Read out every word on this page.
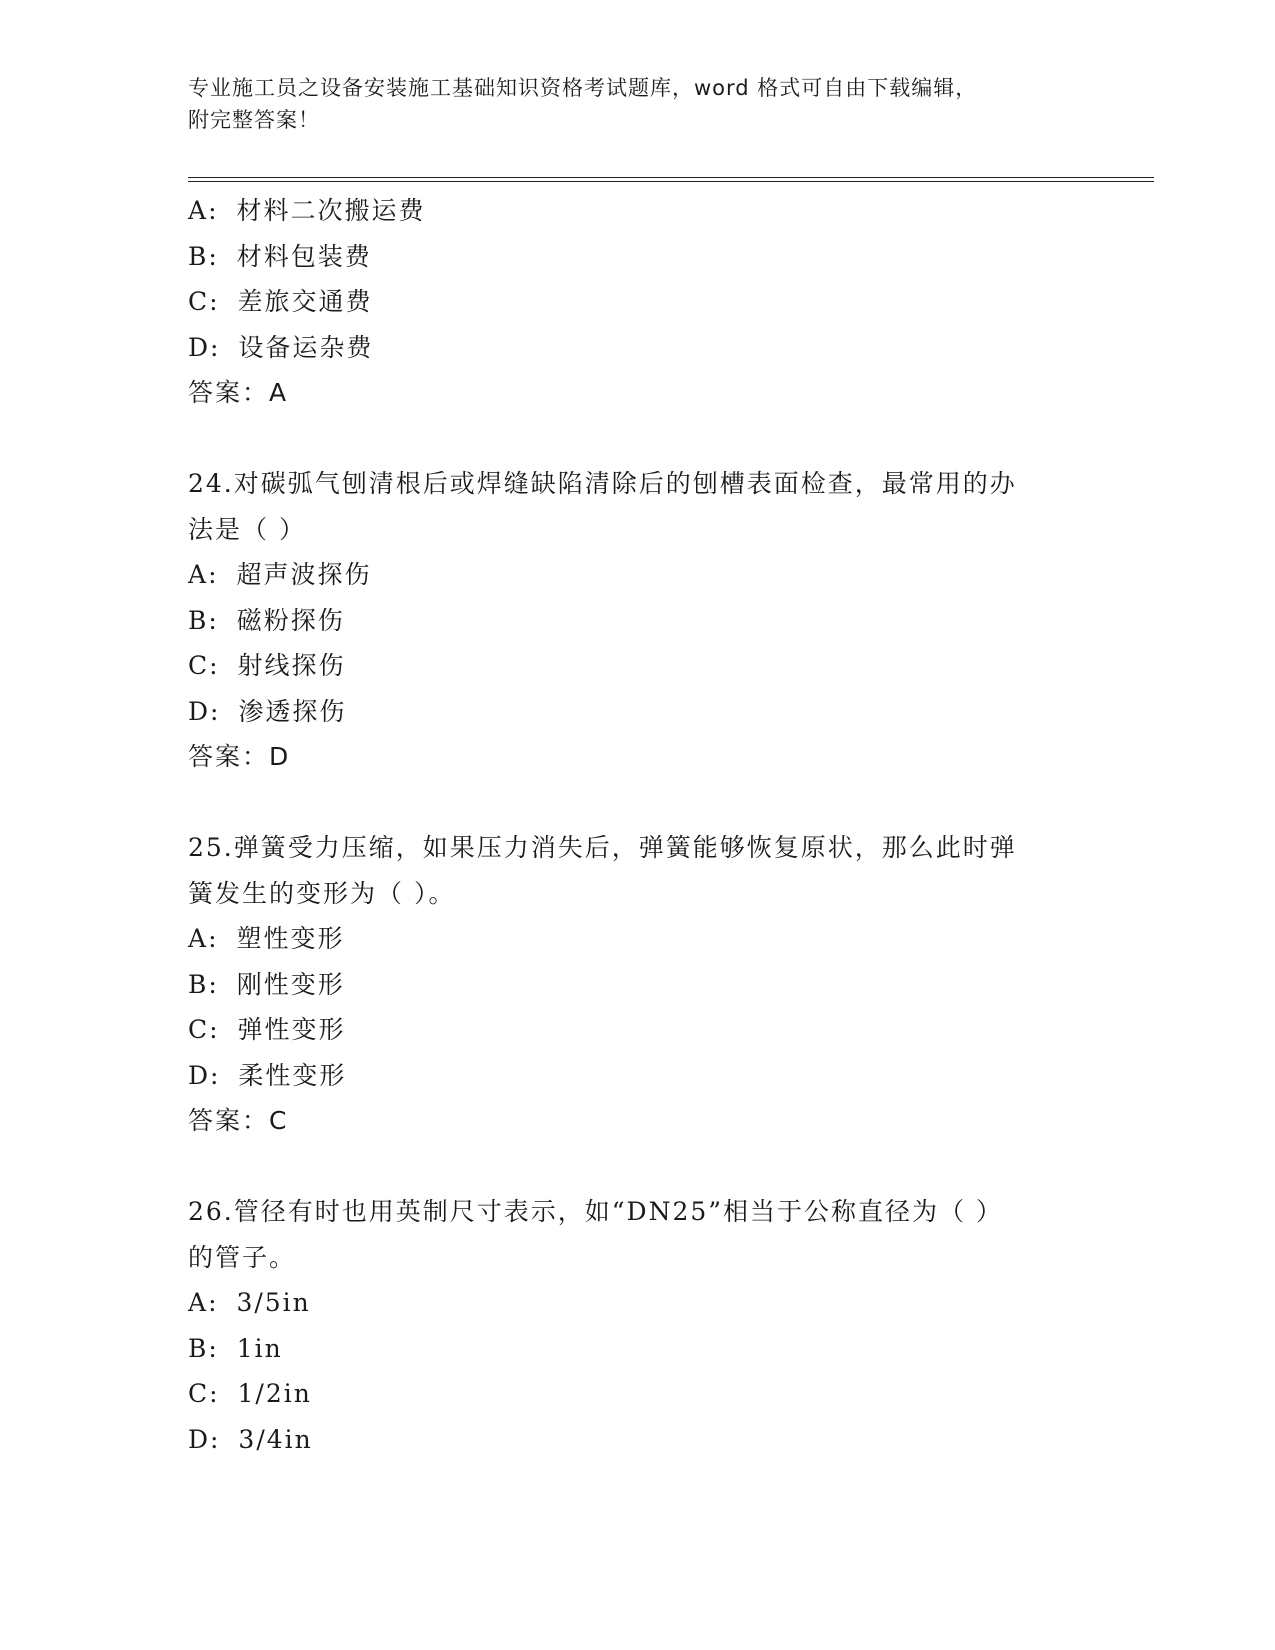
专业施工员之设备安装施工基础知识资格考试题库，word 格式可自由下载编辑，
附完整答案！
A: 材料二次搬运费
B: 材料包装费
C: 差旅交通费
D: 设备运杂费
答案：A
24.对碳弧气刨清根后或焊缝缺陷清除后的刨槽表面检查，最常用的办
法是（ ）
A: 超声波探伤
B: 磁粉探伤
C: 射线探伤
D: 渗透探伤
答案：D
25.弹簧受力压缩，如果压力消失后，弹簧能够恢复原状，那么此时弹
簧发生的变形为（ ）。
A: 塑性变形
B: 刚性变形
C: 弹性变形
D: 柔性变形
答案：C
26.管径有时也用英制尺寸表示，如“DN25”相当于公称直径为（ ）
的管子。
A: 3/5in
B: 1in
C: 1/2in
D: 3/4in
